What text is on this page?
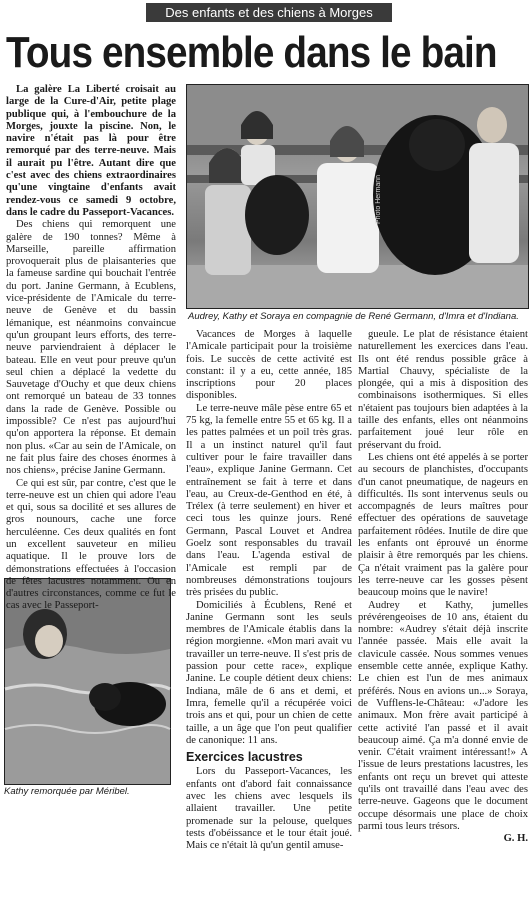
Des enfants et des chiens à Morges
Tous ensemble dans le bain
Photo Hermann
Audrey, Kathy et Soraya en compagnie de René Germann, d'Imra et d'Indiana.
Kathy remorquée par Méribel.

La galère La Liberté croisait au large de la Cure-d'Air, petite plage publique qui, à l'embouchure de la Morges, jouxte la piscine. Non, le navire n'était pas là pour être remorqué par des terre-neuve. Mais il aurait pu l'être. Autant dire que c'est avec des chiens extraordinaires qu'une vingtaine d'enfants avait rendez-vous ce samedi 9 octobre, dans le cadre du Passeport-Vacances.

Des chiens qui remorquent une galère de 190 tonnes? Même à Marseille, pareille affirmation provoquerait plus de plaisanteries que la fameuse sardine qui bouchait l'entrée du port. Janine Germann, à Ecublens, vice-présidente de l'Amicale du terre-neuve de Genève et du bassin lémanique, est néanmoins convaincue qu'un groupant leurs efforts, des terre-neuve parviendraient à déplacer le bateau. Elle en veut pour preuve qu'un seul chien a déplacé la vedette du Sauvetage d'Ouchy et que deux chiens ont remorqué un bateau de 33 tonnes dans la rade de Genève. Possible ou impossible? Ce n'est pas aujourd'hui qu'on apportera la réponse. Et demain non plus. «Car au sein de l'Amicale, on ne fait plus faire des choses énormes à nos chiens», précise Janine Germann.

Ce qui est sûr, par contre, c'est que le terre-neuve est un chien qui adore l'eau et qui, sous sa docilité et ses allures de gros nounours, cache une force herculéenne. Ces deux qualités en font un excellent sauveteur en milieu aquatique. Il le prouve lors de démonstrations effectuées à l'occasion de fêtes lacustres notamment. Ou en d'autres circonstances, comme ce fut le cas avec le Passeport-

Vacances de Morges à laquelle l'Amicale participait pour la troisième fois. Le succès de cette activité est constant: il y a eu, cette année, 185 inscriptions pour 20 places disponibles.

Le terre-neuve mâle pèse entre 65 et 75 kg, la femelle entre 55 et 65 kg. Il a les pattes palmées et un poil très gras. Il a un instinct naturel qu'il faut cultiver pour le faire travailler dans l'eau», explique Janine Germann. Cet entraînement se fait à terre et dans l'eau, au Creux-de-Genthod en été, à Trélex (à terre seulement) en hiver et ceci tous les quinze jours. René Germann, Pascal Louvet et Andrea Goelz sont responsables du travail dans l'eau. L'agenda estival de l'Amicale est rempli par de nombreuses démonstrations toujours très prisées du public.

Domiciliés à Écublens, René et Janine Germann sont les seuls membres de l'Amicale établis dans la région morgienne. «Mon mari avait vu travailler un terre-neuve. Il s'est pris de passion pour cette race», explique Janine. Le couple détient deux chiens: Indiana, mâle de 6 ans et demi, et Imra, femelle qu'il a récupérée voici trois ans et qui, pour un chien de cette taille, a un âge que l'on peut qualifier de canonique: 11 ans.

Exercices lacustres

Lors du Passeport-Vacances, les enfants ont d'abord fait connaissance avec les chiens avec lesquels ils allaient travailler. Une petite promenade sur la pelouse, quelques tests d'obéissance et le tour était joué. Mais ce n'était là qu'un gentil amuse-

gueule. Le plat de résistance étaient naturellement les exercices dans l'eau. Ils ont été rendus possible grâce à Martial Chauvy, spécialiste de la plongée, qui a mis à disposition des combinaisons isothermiques. Si elles n'étaient pas toujours bien adaptées à la taille des enfants, elles ont néanmoins parfaitement joué leur rôle en préservant du froid.

Les chiens ont été appelés à se porter au secours de planchistes, d'occupants d'un canot pneumatique, de nageurs en difficultés. Ils sont intervenus seuls ou accompagnés de leurs maîtres pour effectuer des opérations de sauvetage parfaitement rôdées. Inutile de dire que les enfants ont éprouvé un énorme plaisir à être remorqués par les chiens. Ça n'était vraiment pas la galère pour les terre-neuve car les gosses pèsent beaucoup moins que le navire!

Audrey et Kathy, jumelles prévérengeoises de 10 ans, étaient du nombre: «Audrey s'était déjà inscrite l'année passée. Mais elle avait la clavicule cassée. Nous sommes venues ensemble cette année, explique Kathy. Le chien est l'un de mes animaux préférés. Nous en avions un...» Soraya, de Vufflens-le-Château: «J'adore les animaux. Mon frère avait participé à cette activité l'an passé et il avait beaucoup aimé. Ça m'a donné envie de venir. C'était vraiment intéressant!» A l'issue de leurs prestations lacustres, les enfants ont reçu un brevet qui atteste qu'ils ont travaillé dans l'eau avec des terre-neuve. Gageons que le document occupe désormais une place de choix parmi tous leurs trésors.

G. H.
